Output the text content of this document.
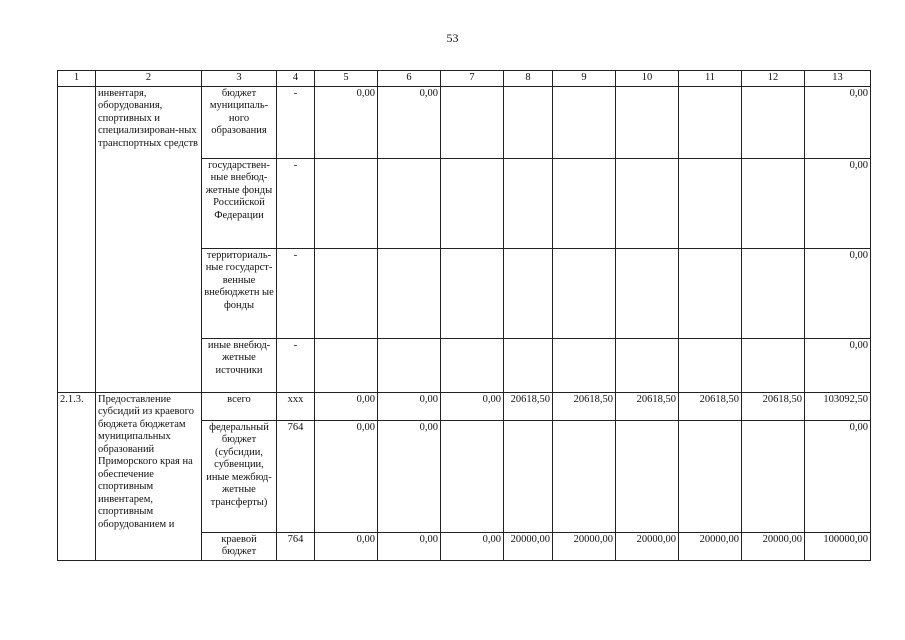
53
1	2	3	4	5	6	7	8	9	10	11	12	13
	инвентаря, оборудования, спортивных и специализирован-ных транспортных средств	бюджет муниципаль-ного образования	-	0,00	0,00							0,00
		государствен-ные внебюд-жетные фонды Российской Федерации	-									0,00
		территориаль-ные государст-венные внебюджетн ые фонды	-									0,00
		иные внебюд-жетные источники	-									0,00
2.1.3.	Предоставление субсидий из краевого бюджета бюджетам муниципальных образований Приморского края на обеспечение спортивным инвентарем, спортивным оборудованием и	всего	ххх	0,00	0,00	0,00	20618,50	20618,50	20618,50	20618,50	20618,50	103092,50
		федеральный бюджет (субсидии, субвенции, иные межбюд-жетные трансферты)	764	0,00	0,00							0,00
		краевой бюджет	764	0,00	0,00	0,00	20000,00	20000,00	20000,00	20000,00	20000,00	100000,00
